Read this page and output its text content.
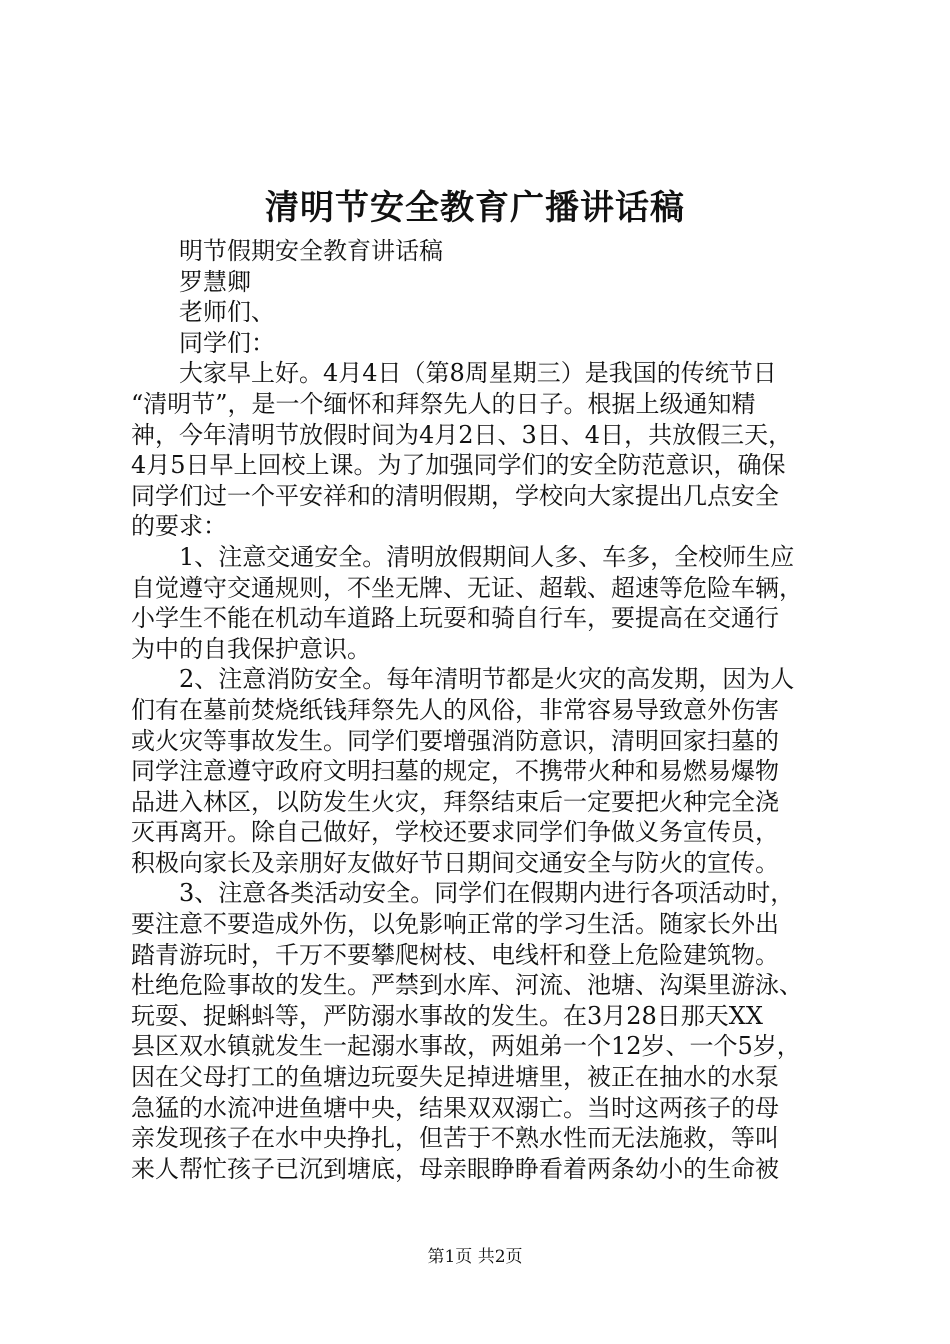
清明节安全教育广播讲话稿
明节假期安全教育讲话稿
罗慧卿
老师们、
同学们：
大家早上好。4月4日（第8周星期三）是我国的传统节日
“清明节”，是一个缅怀和拜祭先人的日子。根据上级通知精
神，今年清明节放假时间为4月2日、3日、4日，共放假三天，
4月5日早上回校上课。为了加强同学们的安全防范意识，确保
同学们过一个平安祥和的清明假期，学校向大家提出几点安全
的要求：
1、注意交通安全。清明放假期间人多、车多，全校师生应
自觉遵守交通规则，不坐无牌、无证、超载、超速等危险车辆，
小学生不能在机动车道路上玩耍和骑自行车，要提高在交通行
为中的自我保护意识。
2、注意消防安全。每年清明节都是火灾的高发期，因为人
们有在墓前焚烧纸钱拜祭先人的风俗，非常容易导致意外伤害
或火灾等事故发生。同学们要增强消防意识，清明回家扫墓的
同学注意遵守政府文明扫墓的规定，不携带火种和易燃易爆物
品进入林区，以防发生火灾，拜祭结束后一定要把火种完全浇
灭再离开。除自己做好，学校还要求同学们争做义务宣传员，
积极向家长及亲朋好友做好节日期间交通安全与防火的宣传。
3、注意各类活动安全。同学们在假期内进行各项活动时，
要注意不要造成外伤，以免影响正常的学习生活。随家长外出
踏青游玩时，千万不要攀爬树枝、电线杆和登上危险建筑物。
杜绝危险事故的发生。严禁到水库、河流、池塘、沟渠里游泳、
玩耍、捉蝌蚪等，严防溺水事故的发生。在3月28日那天XX
县区双水镇就发生一起溺水事故，两姐弟一个12岁、一个5岁，
因在父母打工的鱼塘边玩耍失足掉进塘里，被正在抽水的水泵
急猛的水流冲进鱼塘中央，结果双双溺亡。当时这两孩子的母
亲发现孩子在水中央挣扎，但苦于不熟水性而无法施救，等叫
来人帮忙孩子已沉到塘底，母亲眼睁睁看着两条幼小的生命被
第1页 共2页
